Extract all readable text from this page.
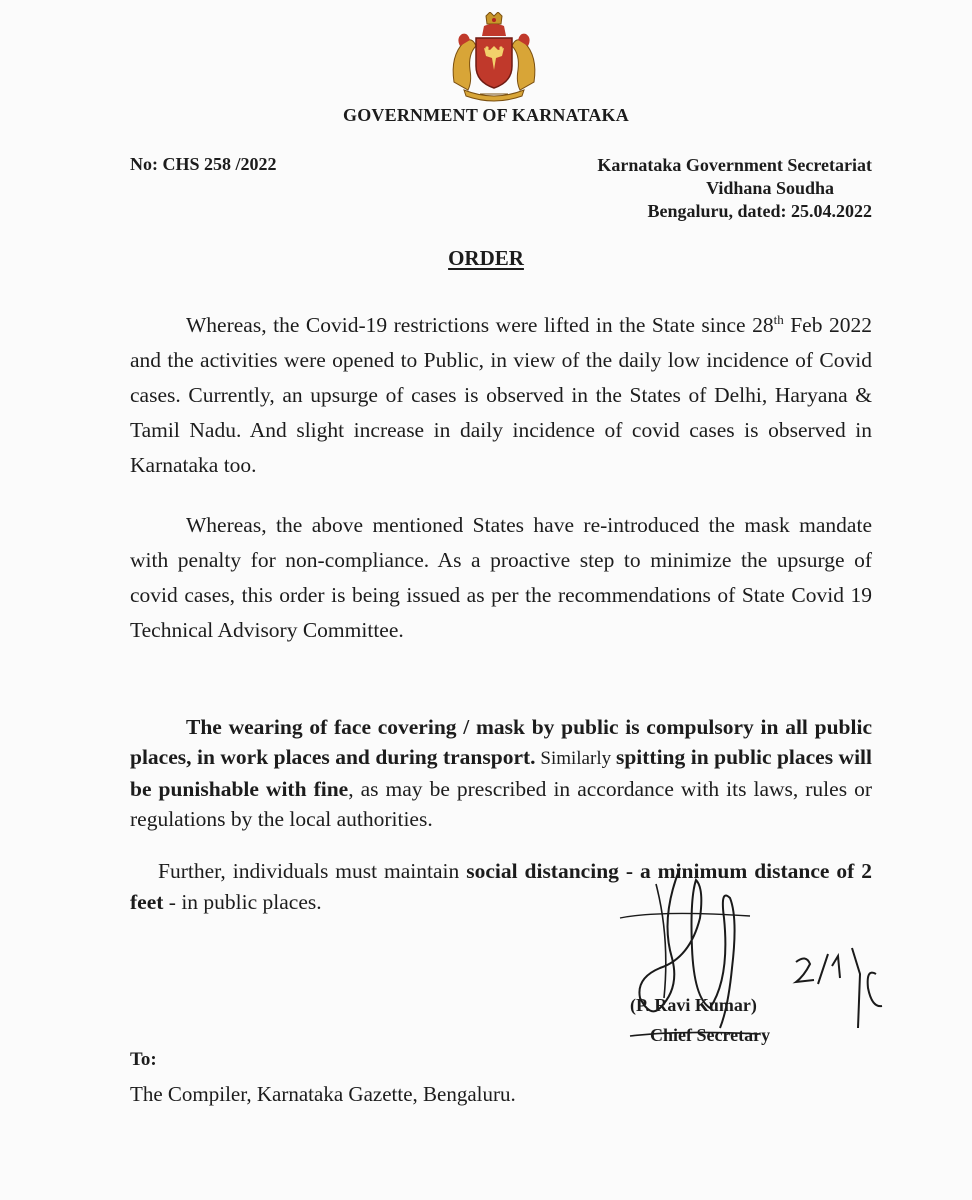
GOVERNMENT OF KARNATAKA
No: CHS 258 /2022	Karnataka Government Secretariat
Vidhana Soudha
Bengaluru, dated: 25.04.2022
ORDER
Whereas, the Covid-19 restrictions were lifted in the State since 28th Feb 2022 and the activities were opened to Public, in view of the daily low incidence of Covid cases. Currently, an upsurge of cases is observed in the States of Delhi, Haryana & Tamil Nadu. And slight increase in daily incidence of covid cases is observed in Karnataka too.
Whereas, the above mentioned States have re-introduced the mask mandate with penalty for non-compliance. As a proactive step to minimize the upsurge of covid cases, this order is being issued as per the recommendations of State Covid 19 Technical Advisory Committee.
The wearing of face covering / mask by public is compulsory in all public places, in work places and during transport. Similarly spitting in public places will be punishable with fine, as may be prescribed in accordance with its laws, rules or regulations by the local authorities.
Further, individuals must maintain social distancing - a minimum distance of 2 feet - in public places.
(P. Ravi Kumar)
Chief Secretary
To:
The Compiler, Karnataka Gazette, Bengaluru.
